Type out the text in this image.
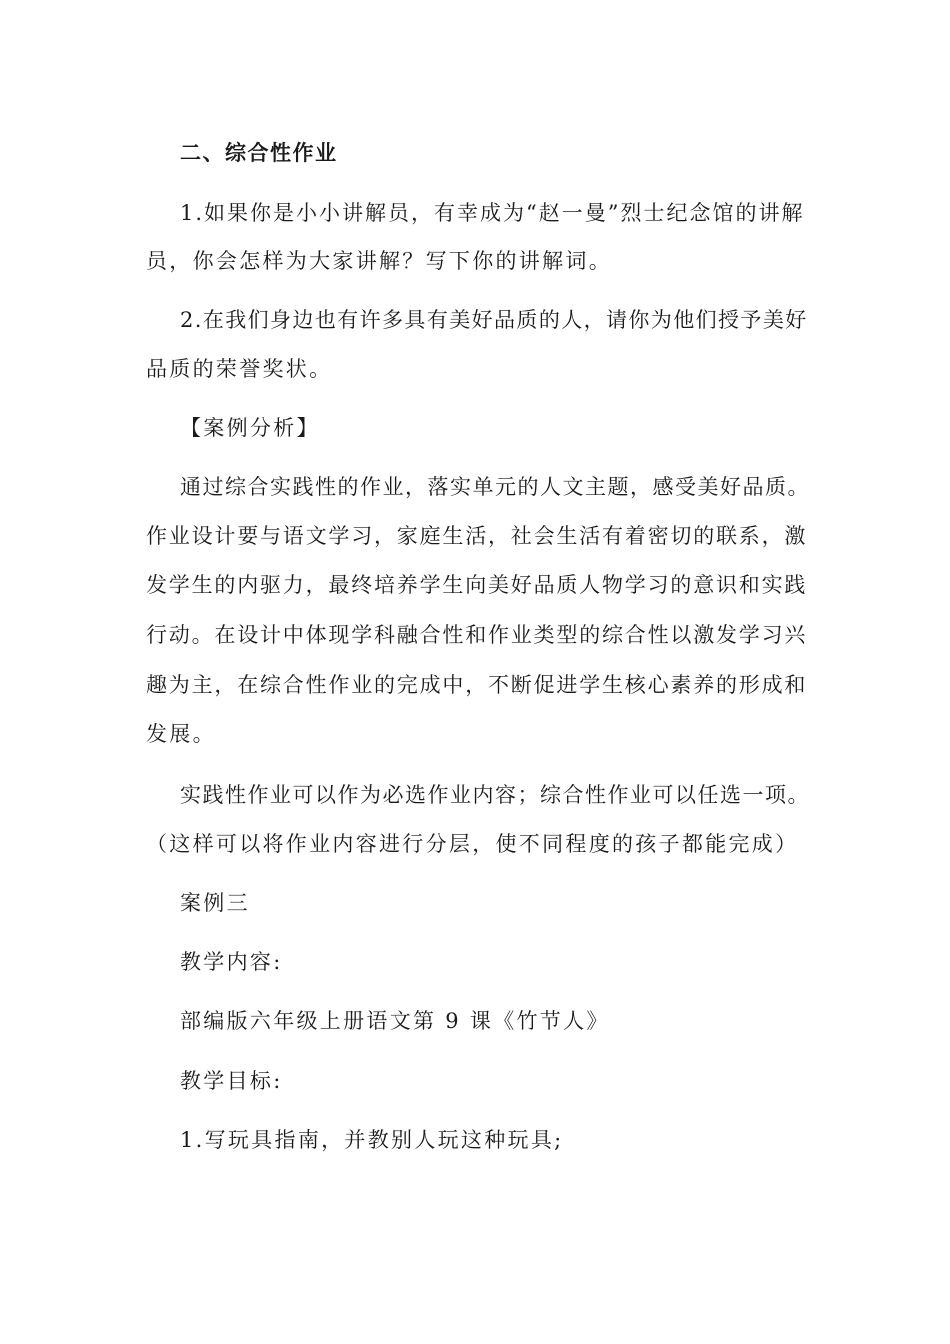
二、综合性作业
1.如果你是小小讲解员，有幸成为“赵一曼”烈士纪念馆的讲解
员，你会怎样为大家讲解？写下你的讲解词。
2.在我们身边也有许多具有美好品质的人，请你为他们授予美好
品质的荣誉奖状。
【案例分析】
通过综合实践性的作业，落实单元的人文主题，感受美好品质。
作业设计要与语文学习，家庭生活，社会生活有着密切的联系，激
发学生的内驱力，最终培养学生向美好品质人物学习的意识和实践
行动。在设计中体现学科融合性和作业类型的综合性以激发学习兴
趣为主，在综合性作业的完成中，不断促进学生核心素养的形成和
发展。
实践性作业可以作为必选作业内容；综合性作业可以任选一项。
（这样可以将作业内容进行分层，使不同程度的孩子都能完成）
案例三
教学内容:
部编版六年级上册语文第 9 课《竹节人》
教学目标:
1.写玩具指南，并教别人玩这种玩具;
